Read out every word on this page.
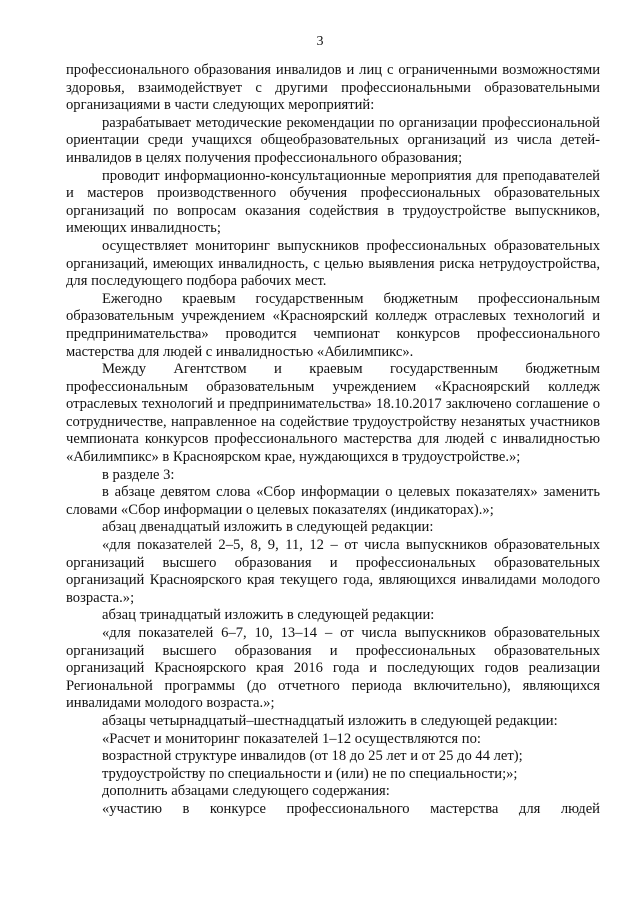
3

профессионального образования инвалидов и лиц с ограниченными возможностями здоровья, взаимодействует с другими профессиональными образовательными организациями в части следующих мероприятий:

разрабатывает методические рекомендации по организации профессиональной ориентации среди учащихся общеобразовательных организаций из числа детей-инвалидов в целях получения профессионального образования;

проводит информационно-консультационные мероприятия для преподавателей и мастеров производственного обучения профессиональных образовательных организаций по вопросам оказания содействия в трудоустройстве выпускников, имеющих инвалидность;

осуществляет мониторинг выпускников профессиональных образовательных организаций, имеющих инвалидность, с целью выявления риска нетрудоустройства, для последующего подбора рабочих мест.

Ежегодно краевым государственным бюджетным профессиональным образовательным учреждением «Красноярский колледж отраслевых технологий и предпринимательства» проводится чемпионат конкурсов профессионального мастерства для людей с инвалидностью «Абилимпикс».

Между Агентством и краевым государственным бюджетным профессиональным образовательным учреждением «Красноярский колледж отраслевых технологий и предпринимательства» 18.10.2017 заключено соглашение о сотрудничестве, направленное на содействие трудоустройству незанятых участников чемпионата конкурсов профессионального мастерства для людей с инвалидностью «Абилимпикс» в Красноярском крае, нуждающихся в трудоустройстве.»;

в разделе 3:

в абзаце девятом слова «Сбор информации о целевых показателях» заменить словами «Сбор информации о целевых показателях (индикаторах).»;

абзац двенадцатый изложить в следующей редакции:

«для показателей 2–5, 8, 9, 11, 12 – от числа выпускников образовательных организаций высшего образования и профессиональных образовательных организаций Красноярского края текущего года, являющихся инвалидами молодого возраста.»;

абзац тринадцатый изложить в следующей редакции:

«для показателей 6–7, 10, 13–14 – от числа выпускников образовательных организаций высшего образования и профессиональных образовательных организаций Красноярского края 2016 года и последующих годов реализации Региональной программы (до отчетного периода включительно), являющихся инвалидами молодого возраста.»;

абзацы четырнадцатый–шестнадцатый изложить в следующей редакции:

«Расчет и мониторинг показателей 1–12 осуществляются по:

возрастной структуре инвалидов (от 18 до 25 лет и от 25 до 44 лет);

трудоустройству по специальности и (или) не по специальности;»;

дополнить абзацами следующего содержания:

«участию в конкурсе профессионального мастерства для людей
